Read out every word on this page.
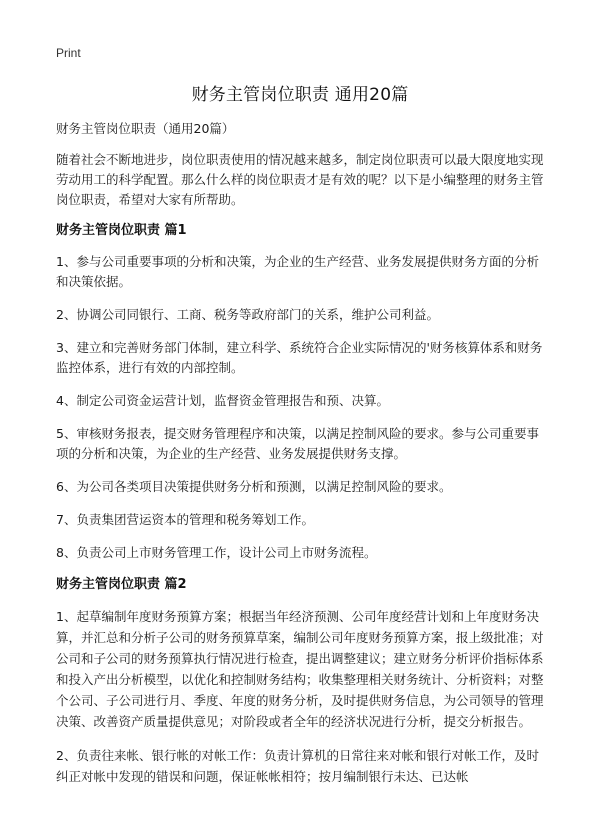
Print
财务主管岗位职责 通用20篇

财务主管岗位职责（通用20篇）

随着社会不断地进步，岗位职责使用的情况越来越多，制定岗位职责可以最大限度地实现劳动用工的科学配置。那么什么样的岗位职责才是有效的呢？以下是小编整理的财务主管岗位职责，希望对大家有所帮助。

财务主管岗位职责 篇1

1、参与公司重要事项的分析和决策，为企业的生产经营、业务发展提供财务方面的分析和决策依据。

2、协调公司同银行、工商、税务等政府部门的关系，维护公司利益。

3、建立和完善财务部门体制，建立科学、系统符合企业实际情况的'财务核算体系和财务监控体系，进行有效的内部控制。

4、制定公司资金运营计划，监督资金管理报告和预、决算。

5、审核财务报表，提交财务管理程序和决策，以满足控制风险的要求。参与公司重要事项的分析和决策，为企业的生产经营、业务发展提供财务支撑。

6、为公司各类项目决策提供财务分析和预测，以满足控制风险的要求。

7、负责集团营运资本的管理和税务筹划工作。

8、负责公司上市财务管理工作，设计公司上市财务流程。

财务主管岗位职责 篇2

1、起草编制年度财务预算方案；根据当年经济预测、公司年度经营计划和上年度财务决算，并汇总和分析子公司的财务预算草案，编制公司年度财务预算方案，报上级批准；对公司和子公司的财务预算执行情况进行检查，提出调整建议；建立财务分析评价指标体系和投入产出分析模型，以优化和控制财务结构；收集整理相关财务统计、分析资料；对整个公司、子公司进行月、季度、年度的财务分析，及时提供财务信息，为公司领导的管理决策、改善资产质量提供意见；对阶段或者全年的经济状况进行分析，提交分析报告。

2、负责往来帐、银行帐的对帐工作：负责计算机的日常往来对帐和银行对帐工作，及时纠正对帐中发现的错误和问题，保证帐帐相符；按月编制银行未达、已达帐
